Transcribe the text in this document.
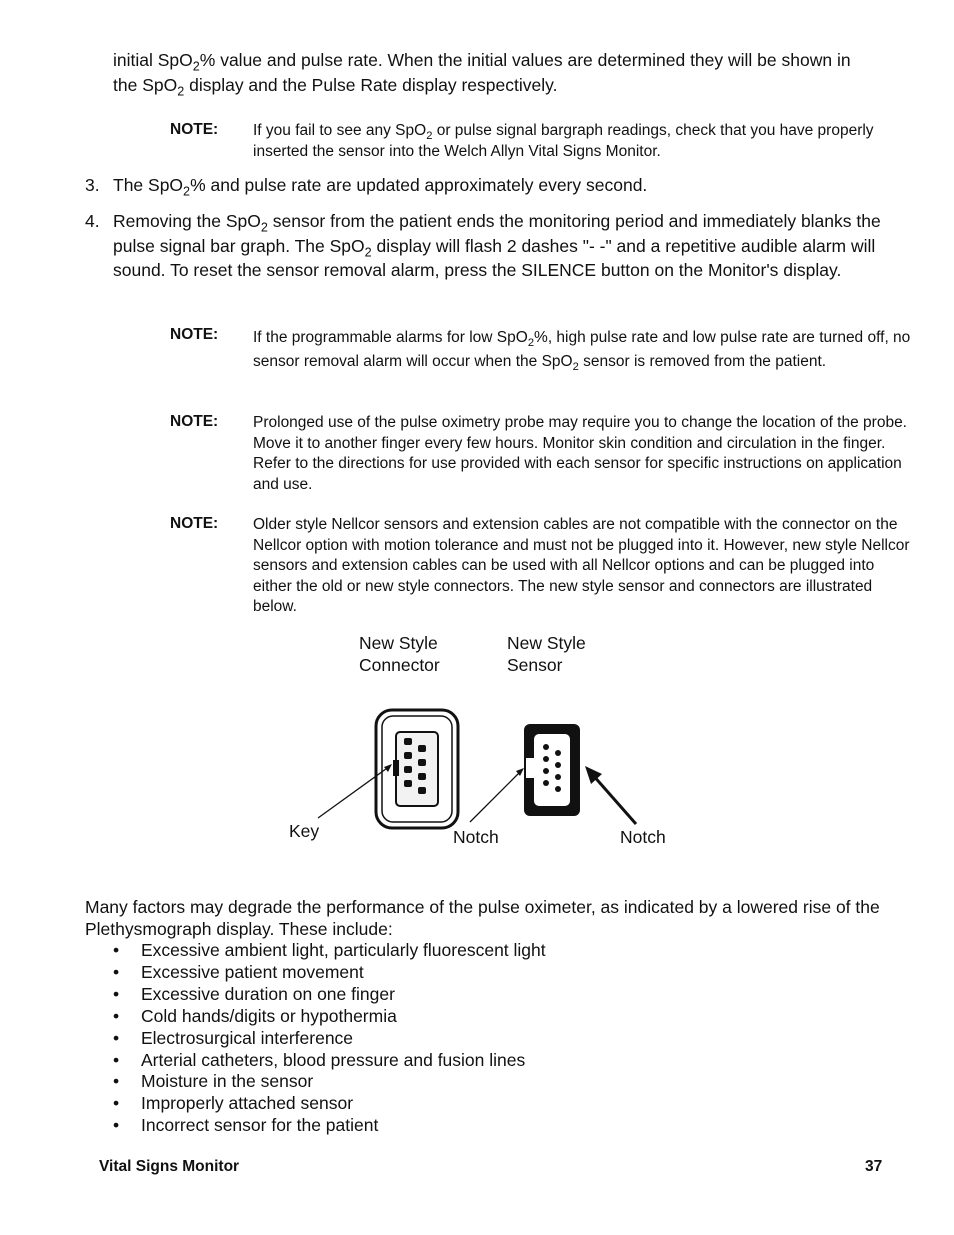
initial SpO$_2$% value and pulse rate. When the initial values are determined they will be shown in
the SpO$_2$ display and the Pulse Rate display respectively.
NOTE: If you fail to see any SpO$_2$ or pulse signal bargraph readings, check that you have properly inserted the sensor into the Welch Allyn Vital Signs Monitor.
3. The SpO$_2$% and pulse rate are updated approximately every second.
4. Removing the SpO$_2$ sensor from the patient ends the monitoring period and immediately blanks the pulse signal bar graph. The SpO$_2$ display will flash 2 dashes "- -" and a repetitive audible alarm will sound. To reset the sensor removal alarm, press the SILENCE button on the Monitor's display.
NOTE: If the programmable alarms for low SpO$_2$%, high pulse rate and low pulse rate are turned off, no sensor removal alarm will occur when the SpO$_2$ sensor is removed from the patient.
NOTE: Prolonged use of the pulse oximetry probe may require you to change the location of the probe. Move it to another finger every few hours. Monitor skin condition and circulation in the finger. Refer to the directions for use provided with each sensor for specific instructions on application and use.
NOTE: Older style Nellcor sensors and extension cables are not compatible with the connector on the Nellcor option with motion tolerance and must not be plugged into it. However, new style Nellcor sensors and extension cables can be used with all Nellcor options and can be plugged into either the old or new style connectors. The new style sensor and connectors are illustrated below.
New Style
Connector
New Style
Sensor
Key	Notch	Notch
Many factors may degrade the performance of the pulse oximeter, as indicated by a lowered rise of the Plethysmograph display. These include:
• Excessive ambient light, particularly fluorescent light
• Excessive patient movement
• Excessive duration on one finger
• Cold hands/digits or hypothermia
• Electrosurgical interference
• Arterial catheters, blood pressure and fusion lines
• Moisture in the sensor
• Improperly attached sensor
• Incorrect sensor for the patient
Vital Signs Monitor	37
